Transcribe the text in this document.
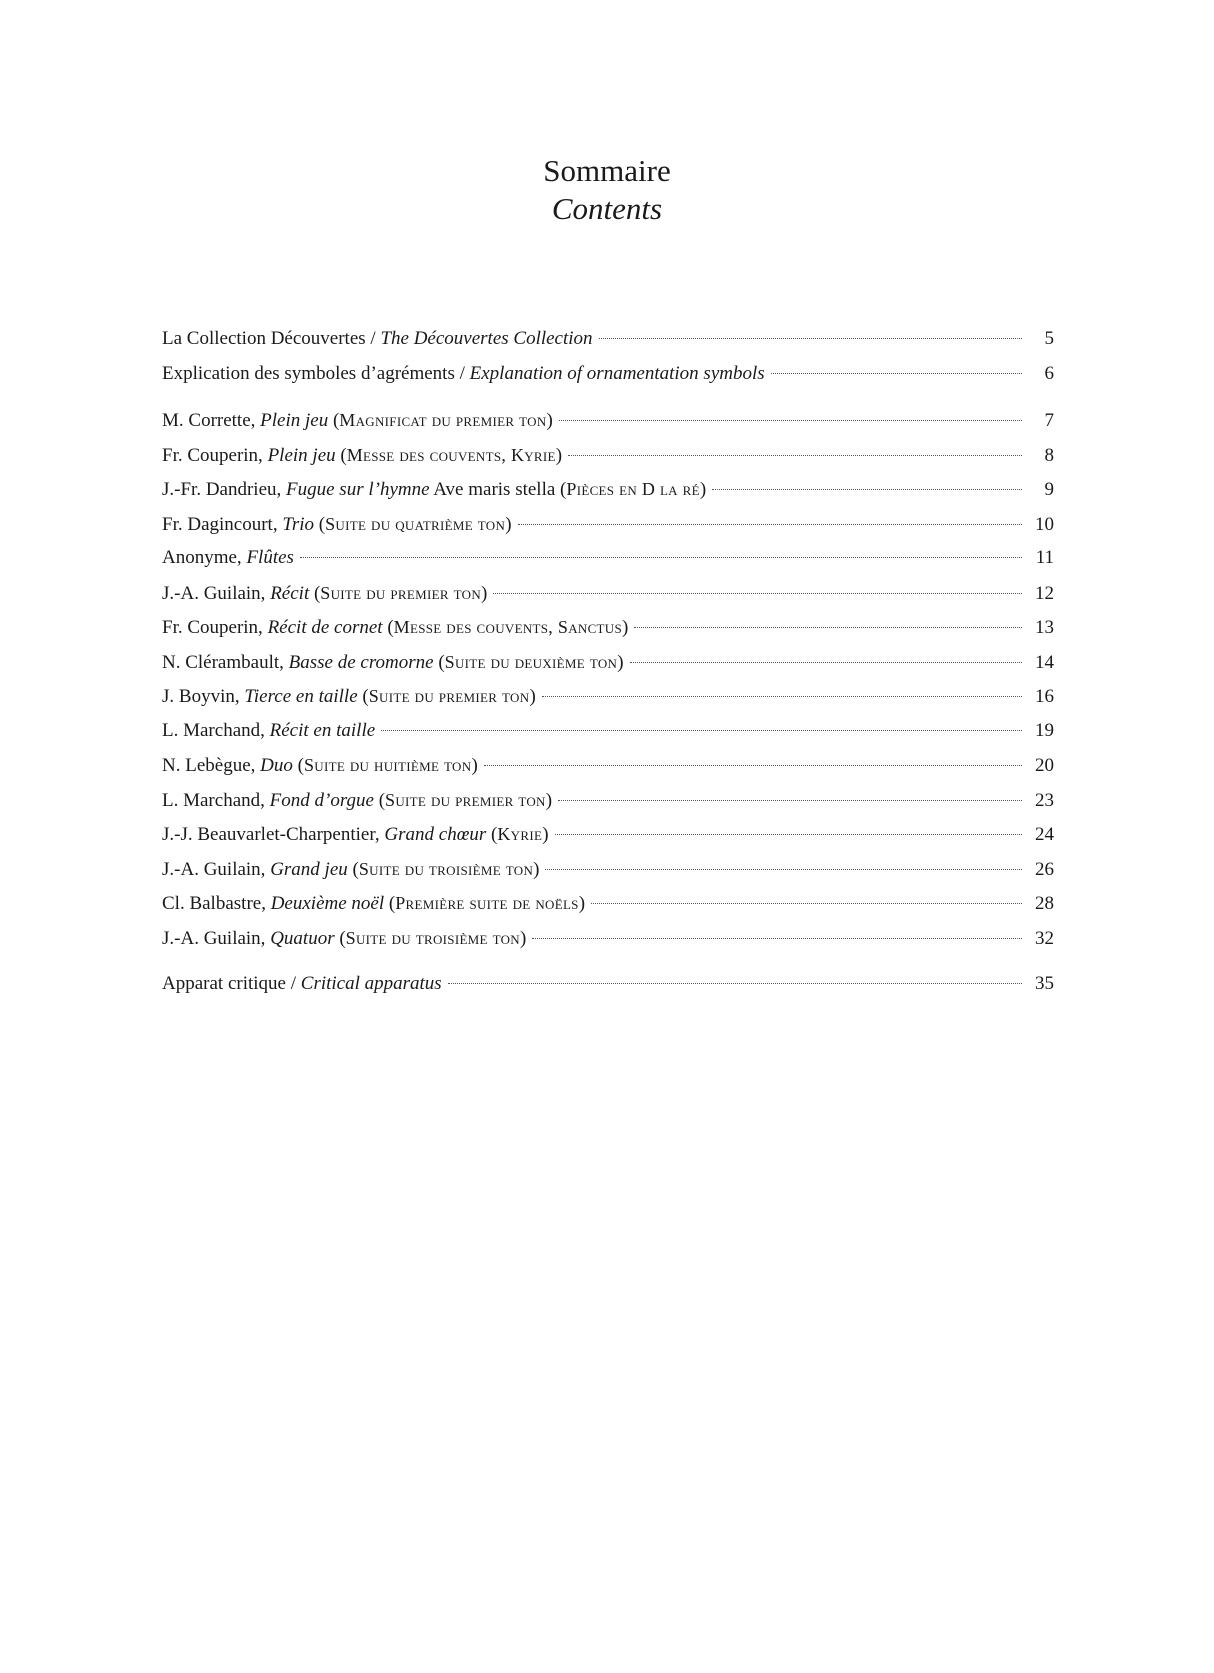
Sommaire
Contents
La Collection Découvertes / The Découvertes Collection	5
Explication des symboles d’agréments / Explanation of ornamentation symbols	6
M. Corrette, Plein jeu (Magnificat du premier ton)	7
Fr. Couperin, Plein jeu (Messe des couvents, Kyrie)	8
J.-Fr. Dandrieu, Fugue sur l’hymne Ave maris stella (Pièces en D la ré)	9
Fr. Dagincourt, Trio (Suite du quatrième ton)	10
Anonyme, Flûtes	11
J.-A. Guilain, Récit (Suite du premier ton)	12
Fr. Couperin, Récit de cornet (Messe des couvents, Sanctus)	13
N. Clérambault, Basse de cromorne (Suite du deuxième ton)	14
J. Boyvin, Tierce en taille (Suite du premier ton)	16
L. Marchand, Récit en taille	19
N. Lebègue, Duo (Suite du huitième ton)	20
L. Marchand, Fond d’orgue (Suite du premier ton)	23
J.-J. Beauvarlet-Charpentier, Grand chœur (Kyrie)	24
J.-A. Guilain, Grand jeu (Suite du troisième ton)	26
Cl. Balbastre, Deuxième noël (Première suite de noëls)	28
J.-A. Guilain, Quatuor (Suite du troisième ton)	32
Apparat critique / Critical apparatus	35
